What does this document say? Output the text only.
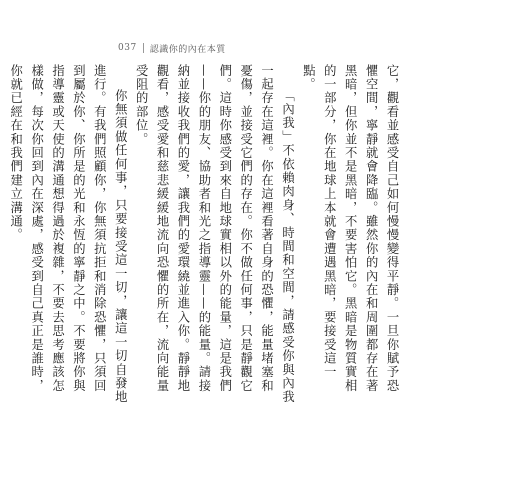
037 認識你的內在本質

它，觀看並感受自己如何慢慢變得平靜。一旦你賦予恐懼空間，寧靜就會降臨。雖然你的內在和周圍都存在著黑暗，但你並不是黑暗，不要害怕它。黑暗是物質實相的一部分，你在地球上本就會遭遇黑暗，要接受這一點。

「內我」不依賴肉身、時間和空間，請感受你與內我一起存在這裡。你在這裡看著自身的恐懼，能量堵塞和憂傷，並接受它們的存在。你不做任何事，只是靜觀它們。這時你感受到來自地球實相以外的能量，這是我們——你的朋友、協助者和光之指導靈——的能量。請接納並接收我們的愛，讓我們的愛環繞並進入你。靜靜地觀看，感受愛和慈悲緩緩地流向恐懼的所在，流向能量受阻的部位。

你無須做任何事，只要接受這一切，讓這一切自發地進行。有我們照顧你，你無須抗拒和消除恐懼，只須回到屬於你、你所是的光和永恆的寧靜之中。不要將你與指導靈或天使的溝通想得過於複雜，不要去思考應該怎樣做，每次你回到內在深處，感受到自己真正是誰時，你就已經在和我們建立溝通。
